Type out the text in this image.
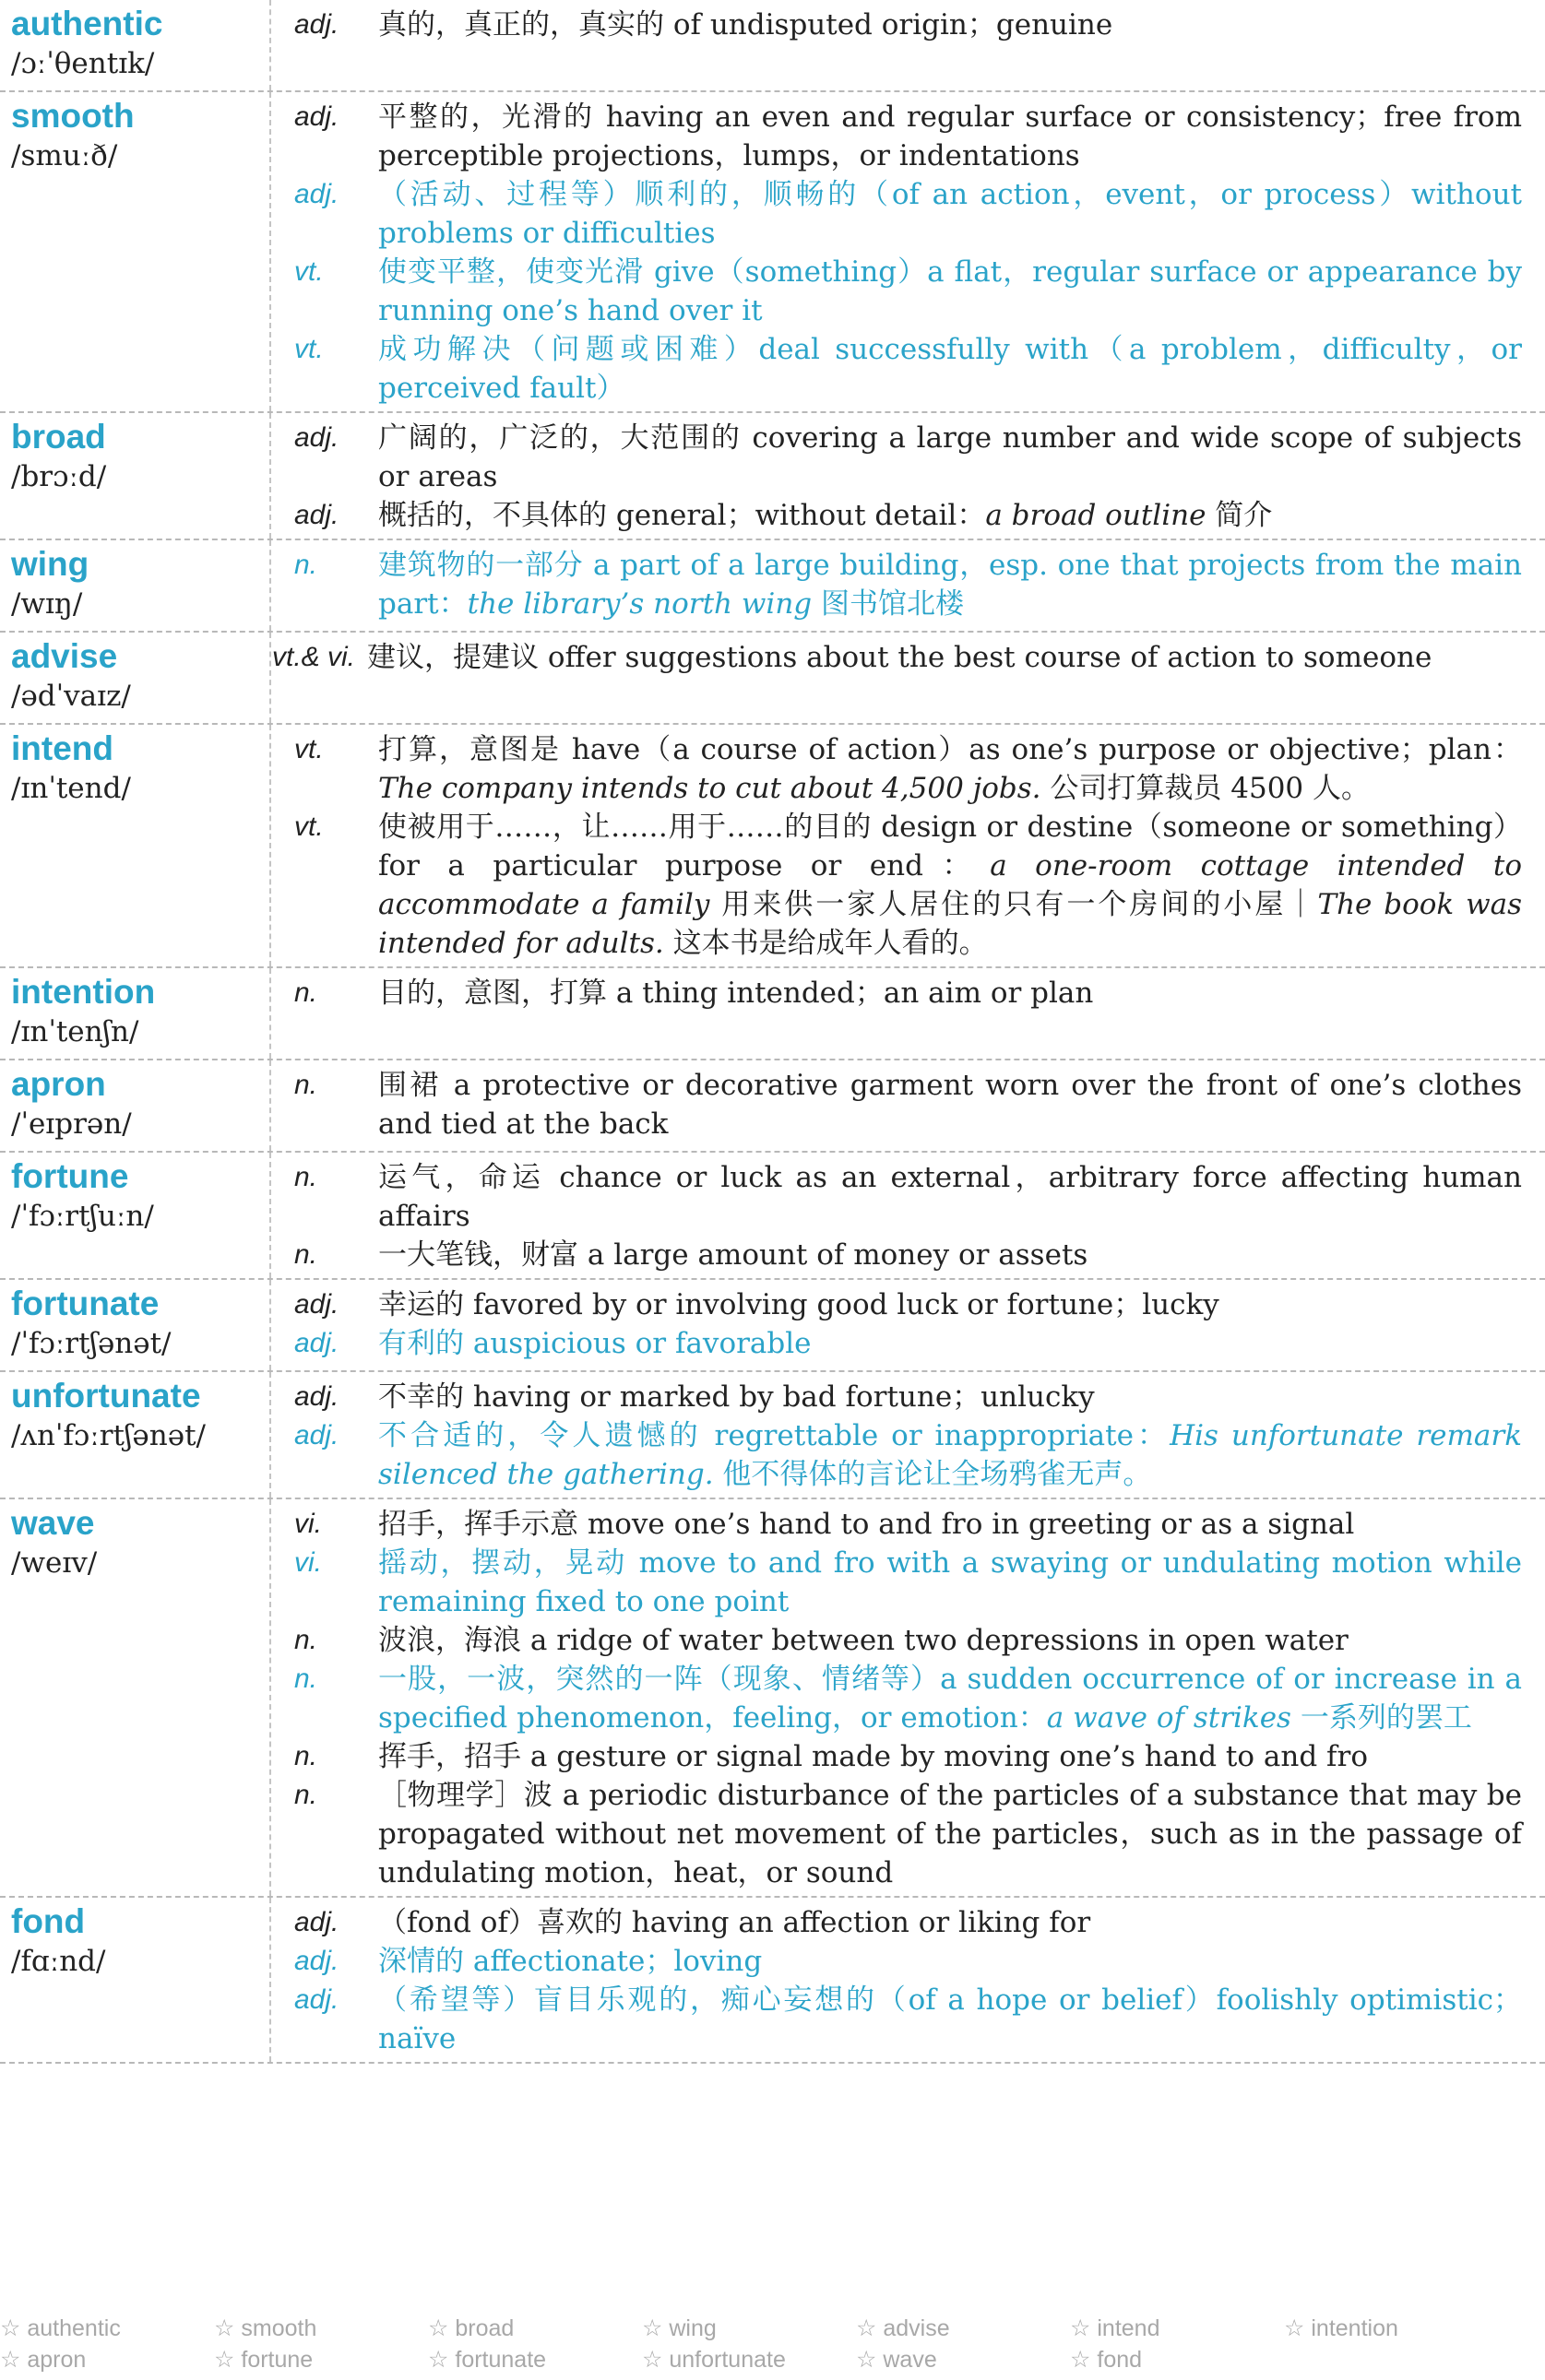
authentic
/ɔːˈθentɪk/
adj. 真的，真正的，真实的 of undisputed origin；genuine
smooth
/smuːð/
adj. 平整的，光滑的 having an even and regular surface or consistency；free from perceptible projections，lumps，or indentations
adj. （活动、过程等）顺利的，顺畅的（of an action，event，or process）without problems or difficulties
vt. 使变平整，使变光滑 give（something）a flat，regular surface or appearance by running one’s hand over it
vt. 成功解决（问题或困难）deal successfully with（a problem，difficulty，or perceived fault）
broad
/brɔːd/
adj. 广阔的，广泛的，大范围的 covering a large number and wide scope of subjects or areas
adj. 概括的，不具体的 general；without detail：a broad outline 简介
wing
/wɪŋ/
n. 建筑物的一部分 a part of a large building，esp. one that projects from the main part：the library’s north wing 图书馆北楼
advise
/ədˈvaɪz/
vt.& vi. 建议，提建议 offer suggestions about the best course of action to someone
intend
/ɪnˈtend/
vt. 打算，意图是 have（a course of action）as one’s purpose or objective；plan：The company intends to cut about 4,500 jobs. 公司打算裁员 4500 人。
vt. 使被用于……，让……用于……的目的 design or destine（someone or something）for a particular purpose or end：a one-room cottage intended to accommodate a family 用来供一家人居住的只有一个房间的小屋｜The book was intended for adults. 这本书是给成年人看的。
intention
/ɪnˈtenʃn/
n. 目的，意图，打算 a thing intended；an aim or plan
apron
/ˈeɪprən/
n. 围裙 a protective or decorative garment worn over the front of one’s clothes and tied at the back
fortune
/ˈfɔːrtʃuːn/
n. 运气，命运 chance or luck as an external，arbitrary force affecting human affairs
n. 一大笔钱，财富 a large amount of money or assets
fortunate
/ˈfɔːrtʃənət/
adj. 幸运的 favored by or involving good luck or fortune；lucky
adj. 有利的 auspicious or favorable
unfortunate
/ʌnˈfɔːrtʃənət/
adj. 不幸的 having or marked by bad fortune；unlucky
adj. 不合适的，令人遗憾的 regrettable or inappropriate：His unfortunate remark silenced the gathering. 他不得体的言论让全场鸦雀无声。
wave
/weɪv/
vi. 招手，挥手示意 move one’s hand to and fro in greeting or as a signal
vi. 摇动，摆动，晃动 move to and fro with a swaying or undulating motion while remaining fixed to one point
n. 波浪，海浪 a ridge of water between two depressions in open water
n. 一股，一波，突然的一阵（现象、情绪等）a sudden occurrence of or increase in a specified phenomenon，feeling，or emotion：a wave of strikes 一系列的罢工
n. 挥手，招手 a gesture or signal made by moving one’s hand to and fro
n. ［物理学］波 a periodic disturbance of the particles of a substance that may be propagated without net movement of the particles，such as in the passage of undulating motion，heat，or sound
fond
/fɑːnd/
adj. （fond of）喜欢的 having an affection or liking for
adj. 深情的 affectionate；loving
adj. （希望等）盲目乐观的，痴心妄想的（of a hope or belief）foolishly optimistic；naïve
☆ authentic	☆ smooth	☆ broad	☆ wing	☆ advise	☆ intend	☆ intention
☆ apron	☆ fortune	☆ fortunate	☆ unfortunate	☆ wave	☆ fond
